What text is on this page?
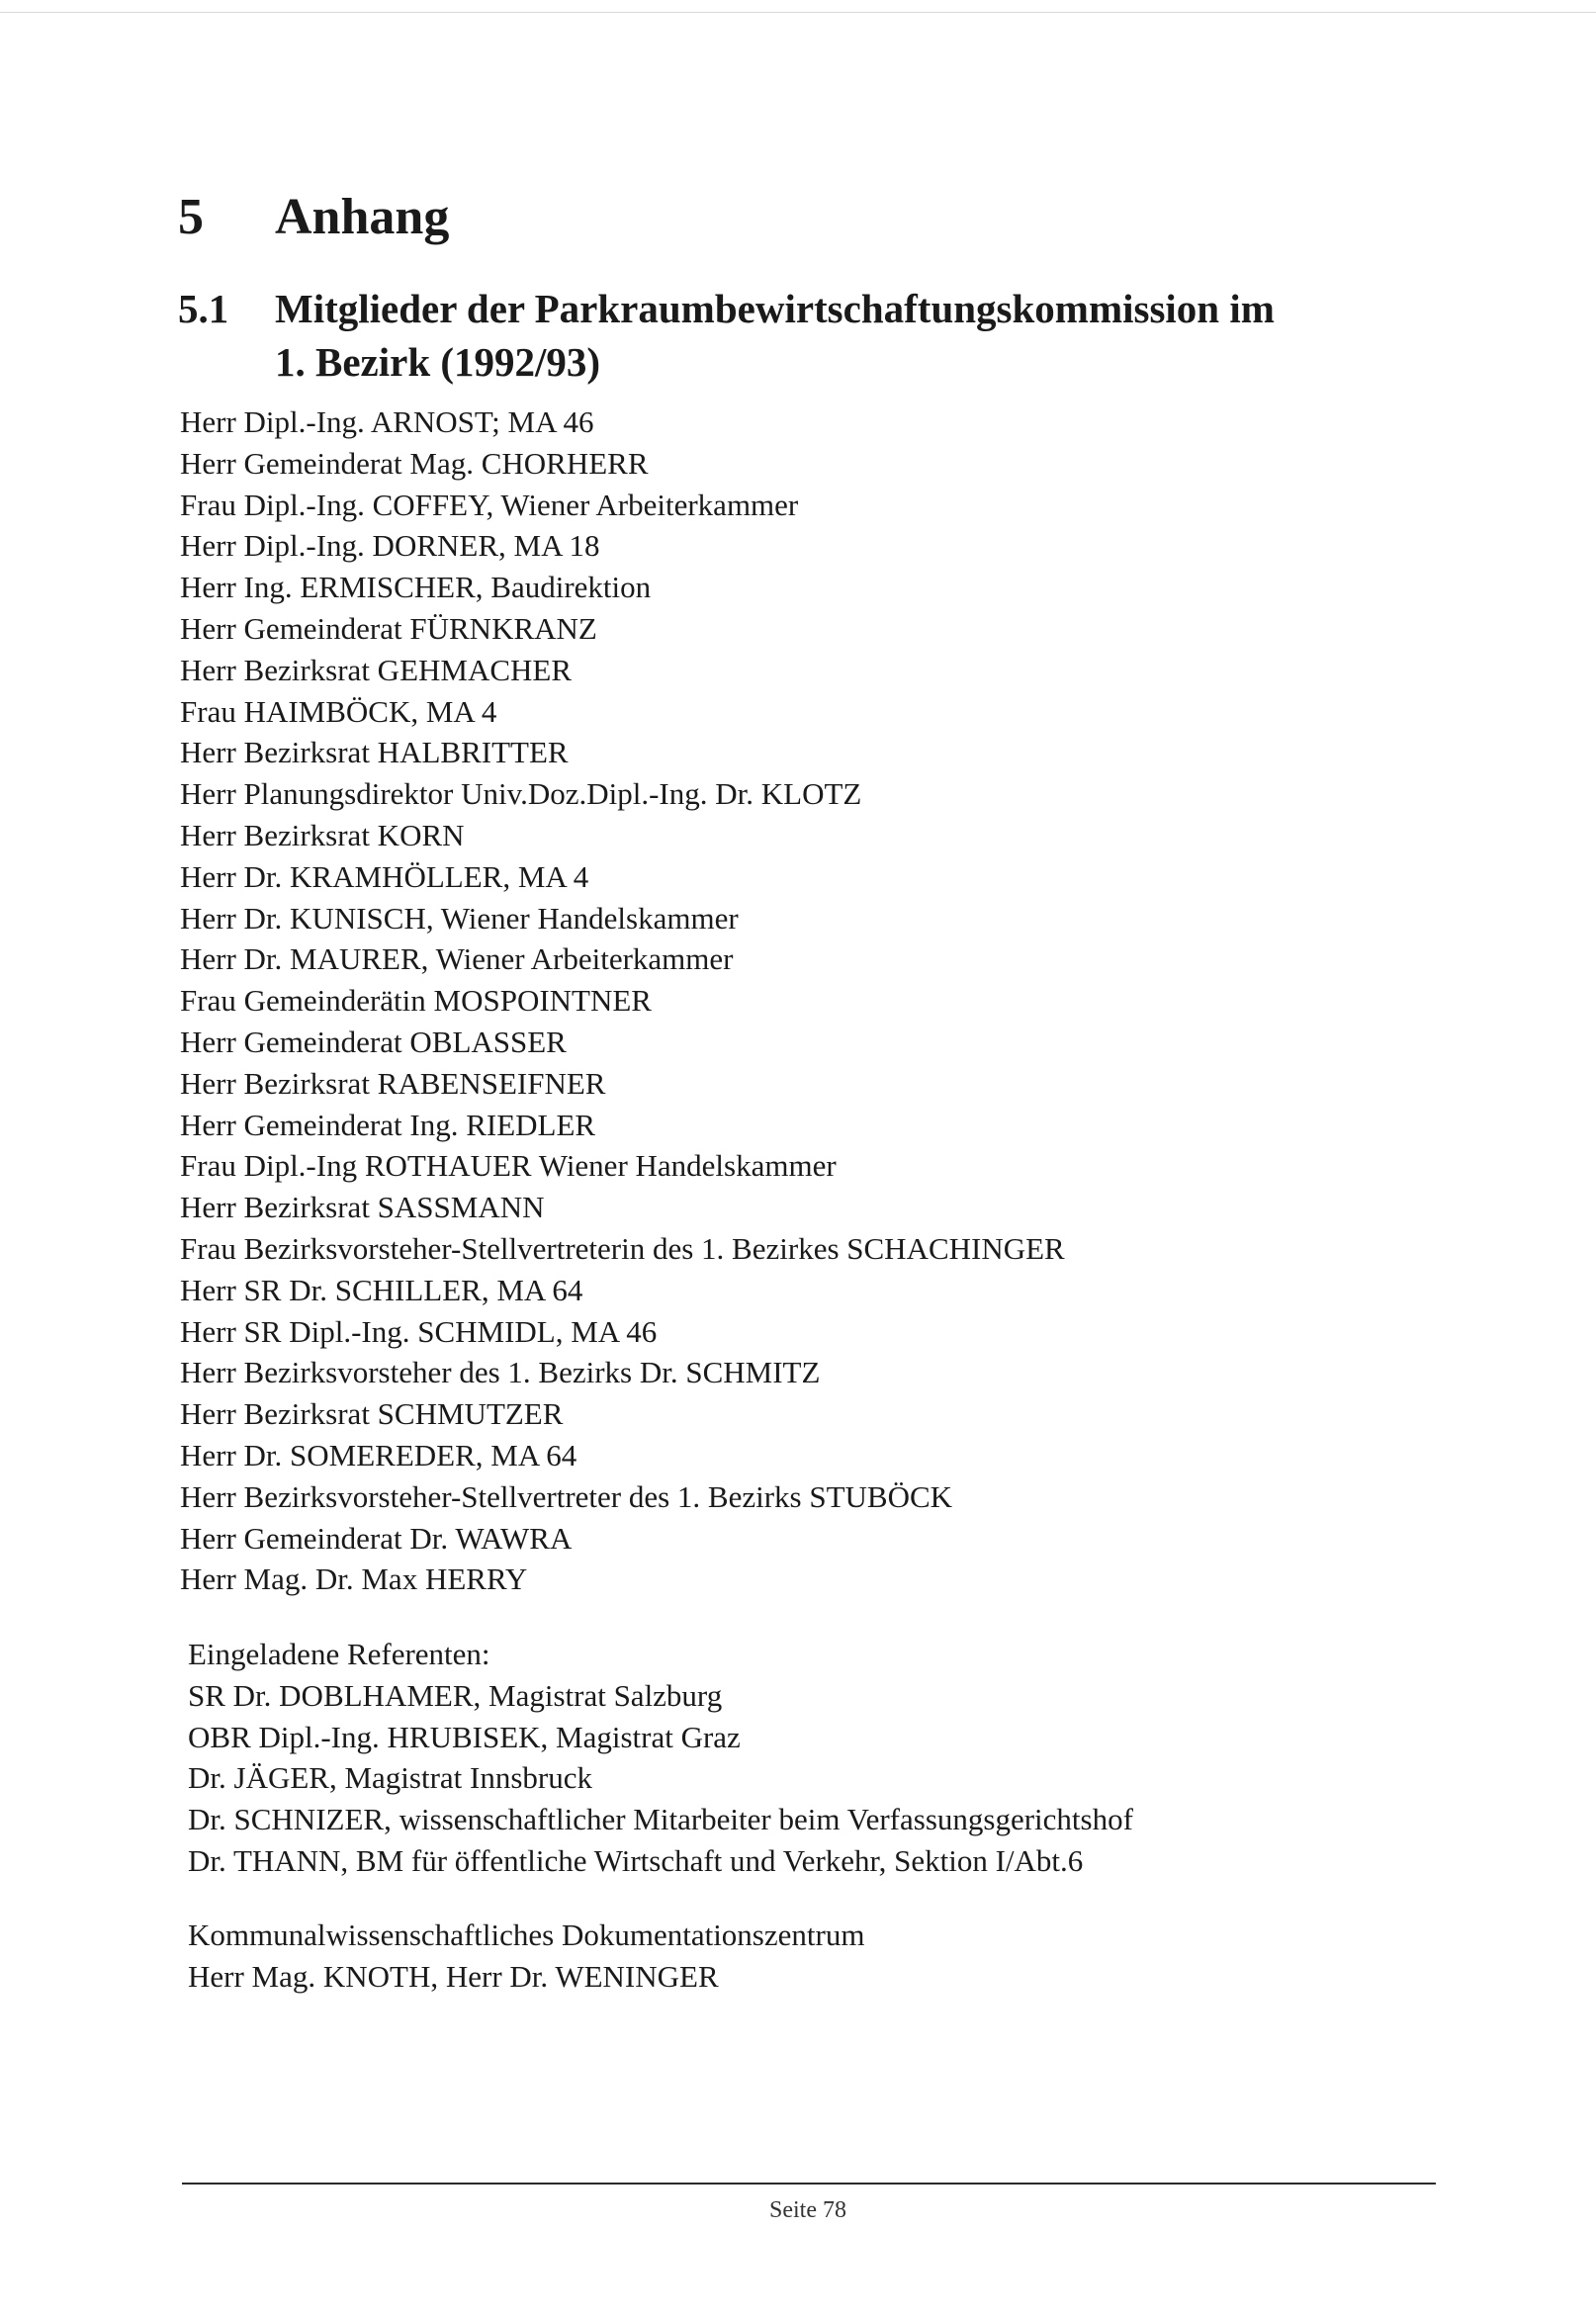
5 Anhang
5.1 Mitglieder der Parkraumbewirtschaftungskommission im
1. Bezirk (1992/93)
Herr Dipl.-Ing. ARNOST; MA 46
Herr Gemeinderat Mag. CHORHERR
Frau Dipl.-Ing. COFFEY, Wiener Arbeiterkammer
Herr Dipl.-Ing. DORNER, MA 18
Herr Ing. ERMISCHER, Baudirektion
Herr Gemeinderat FÜRNKRANZ
Herr Bezirksrat GEHMACHER
Frau HAIMBÖCK, MA 4
Herr Bezirksrat HALBRITTER
Herr Planungsdirektor Univ.Doz.Dipl.-Ing. Dr. KLOTZ
Herr Bezirksrat KORN
Herr Dr. KRAMHÖLLER, MA 4
Herr Dr. KUNISCH, Wiener Handelskammer
Herr Dr. MAURER, Wiener Arbeiterkammer
Frau Gemeinderätin MOSPOINTNER
Herr Gemeinderat OBLASSER
Herr Bezirksrat RABENSEIFNER
Herr Gemeinderat Ing. RIEDLER
Frau Dipl.-Ing ROTHAUER Wiener Handelskammer
Herr Bezirksrat SASSMANN
Frau Bezirksvorsteher-Stellvertreterin des 1. Bezirkes SCHACHINGER
Herr SR Dr. SCHILLER, MA 64
Herr SR Dipl.-Ing. SCHMIDL, MA 46
Herr Bezirksvorsteher des 1. Bezirks Dr. SCHMITZ
Herr Bezirksrat SCHMUTZER
Herr Dr. SOMEREDER, MA 64
Herr Bezirksvorsteher-Stellvertreter des 1. Bezirks STUBÖCK
Herr Gemeinderat Dr. WAWRA
Herr Mag. Dr. Max HERRY
Eingeladene Referenten:
SR Dr. DOBLHAMER, Magistrat Salzburg
OBR Dipl.-Ing. HRUBISEK, Magistrat Graz
Dr. JÄGER, Magistrat Innsbruck
Dr. SCHNIZER, wissenschaftlicher Mitarbeiter beim Verfassungsgerichtshof
Dr. THANN, BM für öffentliche Wirtschaft und Verkehr, Sektion I/Abt.6
Kommunalwissenschaftliches Dokumentationszentrum
Herr Mag. KNOTH, Herr Dr. WENINGER
Seite 78
